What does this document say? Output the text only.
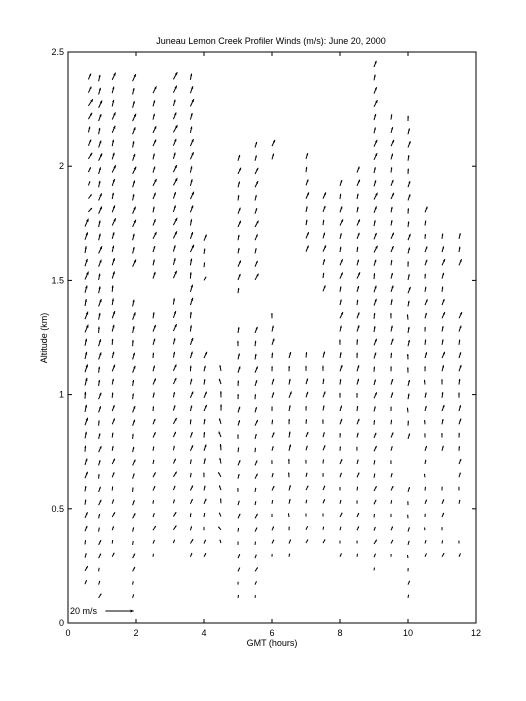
Juneau Lemon Creek Profiler Winds (m/s): June 20, 2000
0	2	4	6	8	10	12
0
0.5
1
1.5
2
2.5
GMT (hours)
Altitude (km)
20 m/s
